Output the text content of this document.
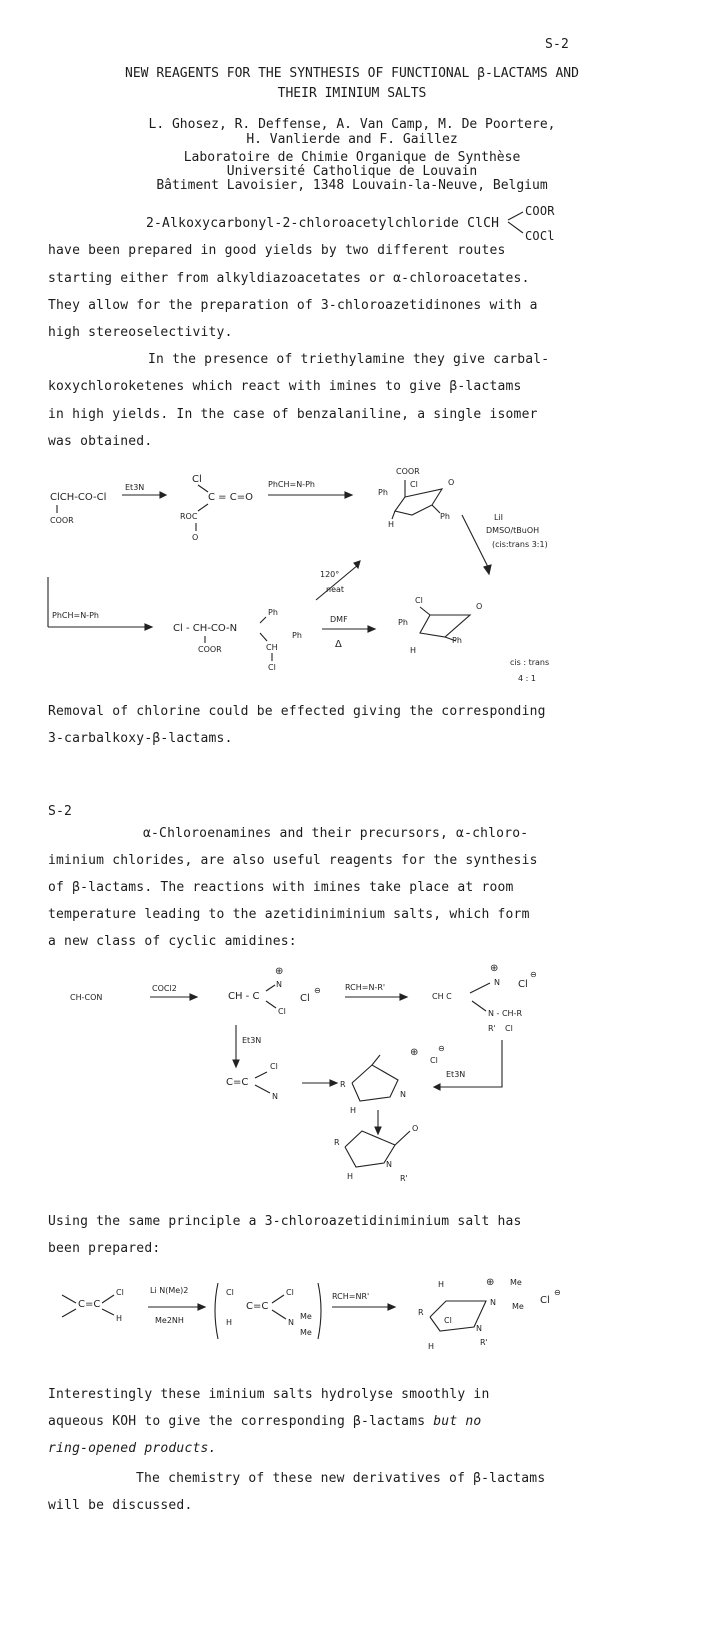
S-2
NEW REAGENTS FOR THE SYNTHESIS OF FUNCTIONAL β-LACTAMS AND
THEIR IMINIUM SALTS
L. Ghosez, R. Deffense, A. Van Camp, M. De Poortere,
H. Vanlierde and F. Gaillez
Laboratoire de Chimie Organique de Synthèse
Université Catholique de Louvain
Bâtiment Lavoisier, 1348 Louvain-la-Neuve, Belgium
2-Alkoxycarbonyl-2-chloroacetylchloride ClCH
COOR
COCl
have been prepared in good yields by two different routes
starting either from alkyldiazoacetates or α-chloroacetates.
They allow for the preparation of 3-chloroazetidinones with a
high stereoselectivity.
In the presence of triethylamine they give carbal-
koxychloroketenes which react with imines to give β-lactams
in high yields. In the case of benzalaniline, a single isomer
was obtained.
ClCH-CO-Cl
COOR
Et3N
Cl
C = C=O
ROC
O
PhCH=N-Ph
COOR
Cl
Ph
H
Ph
O
LiI
DMSO/tBuOH
(cis:trans 3:1)
120°
neat
PhCH=N-Ph
Cl - CH-CO-N
Ph
COOR	CH
Ph
Cl
DMF
Δ
Cl
Ph
H
Ph
O
cis : trans
4 : 1
Removal of chlorine could be effected giving the corresponding
3-carbalkoxy-β-lactams.
S-2
α-Chloroenamines and their precursors, α-chloro-
iminium chlorides, are also useful reagents for the synthesis
of β-lactams. The reactions with imines take place at room
temperature leading to the azetidiniminium salts, which form
a new class of cyclic amidines:
CH-CON
COCl2
CH - C
⊕
N
Cl
Cl
⊖	RCH=N-R'
⊕
CH C
N Cl
⊖
N - CH-R
R' Cl
Et3N
C=C
Cl
N
R
H
N
⊕
Cl
⊖
Et3N
R
O
H
N
R'
Using the same principle a 3-chloroazetidiniminium salt has
been prepared:
C=C
Cl
H
Li N(Me)2
Me2NH
Cl
C=C
H
Cl
N
Me
Me
RCH=NR'
H	⊕ Me
Me
N	Cl
⊖
R
Cl
H
N
R'
Interestingly these iminium salts hydrolyse smoothly in
aqueous KOH to give the corresponding β-lactams but no
ring-opened products.
The chemistry of these new derivatives of β-lactams
will be discussed.
